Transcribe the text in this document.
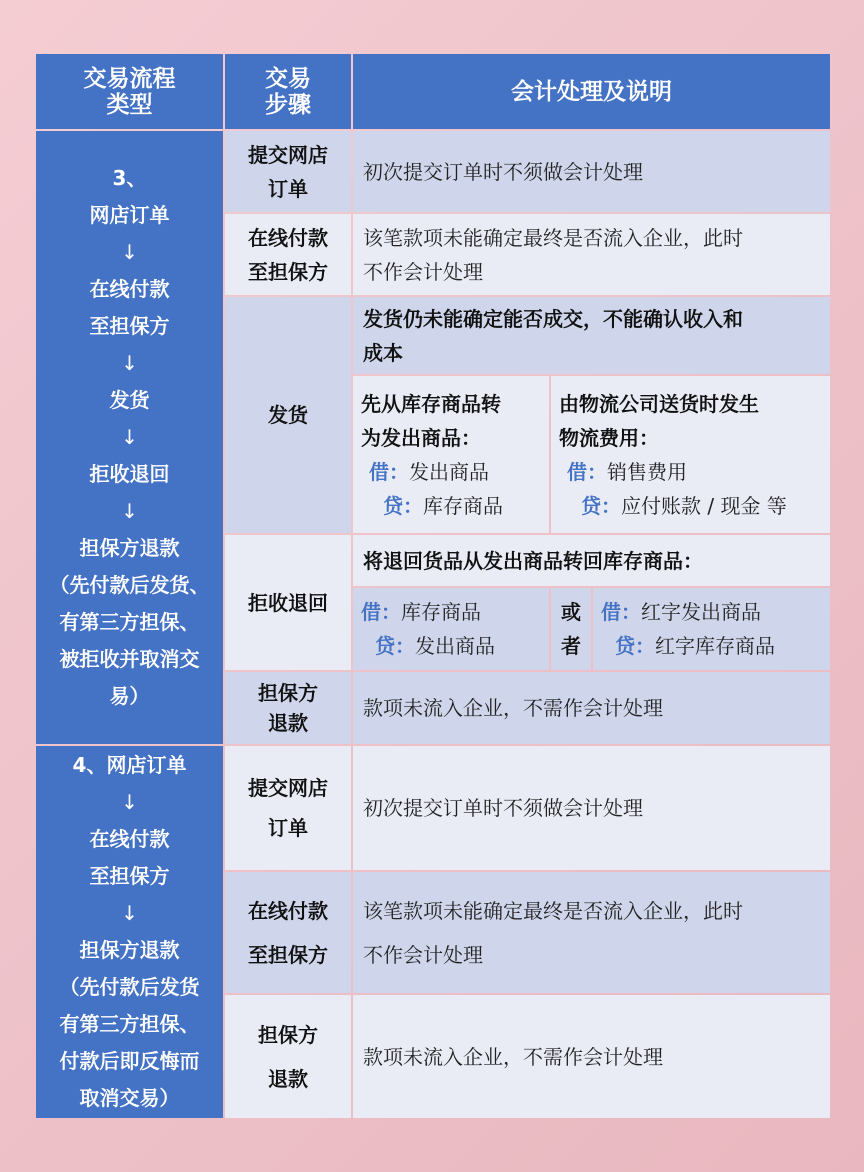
交易流程
类型
交易
步骤	会计处理及说明
3、
网店订单
↓
在线付款
至担保方
↓
发货
↓
拒收退回
↓
担保方退款
（先付款后发货、
有第三方担保、
被拒收并取消交
易）
提交网店
订单
初次提交订单时不须做会计处理
在线付款
至担保方
该笔款项未能确定最终是否流入企业，此时
不作会计处理
发货
发货仍未能确定能否成交，不能确认收入和
成本
先从库存商品转
为发出商品：
借：发出商品
贷：库存商品
由物流公司送货时发生
物流费用：
借：销售费用
贷：应付账款 / 现金 等
拒收退回
将退回货品从发出商品转回库存商品：
借：库存商品
贷：发出商品
或
者
借：红字发出商品
贷：红字库存商品
担保方
退款
款项未流入企业，不需作会计处理
4、网店订单
↓
在线付款
至担保方
↓
担保方退款
（先付款后发货
有第三方担保、
付款后即反悔而
取消交易）
提交网店
订单
初次提交订单时不须做会计处理
在线付款
至担保方
该笔款项未能确定最终是否流入企业，此时
不作会计处理
担保方
退款
款项未流入企业，不需作会计处理
